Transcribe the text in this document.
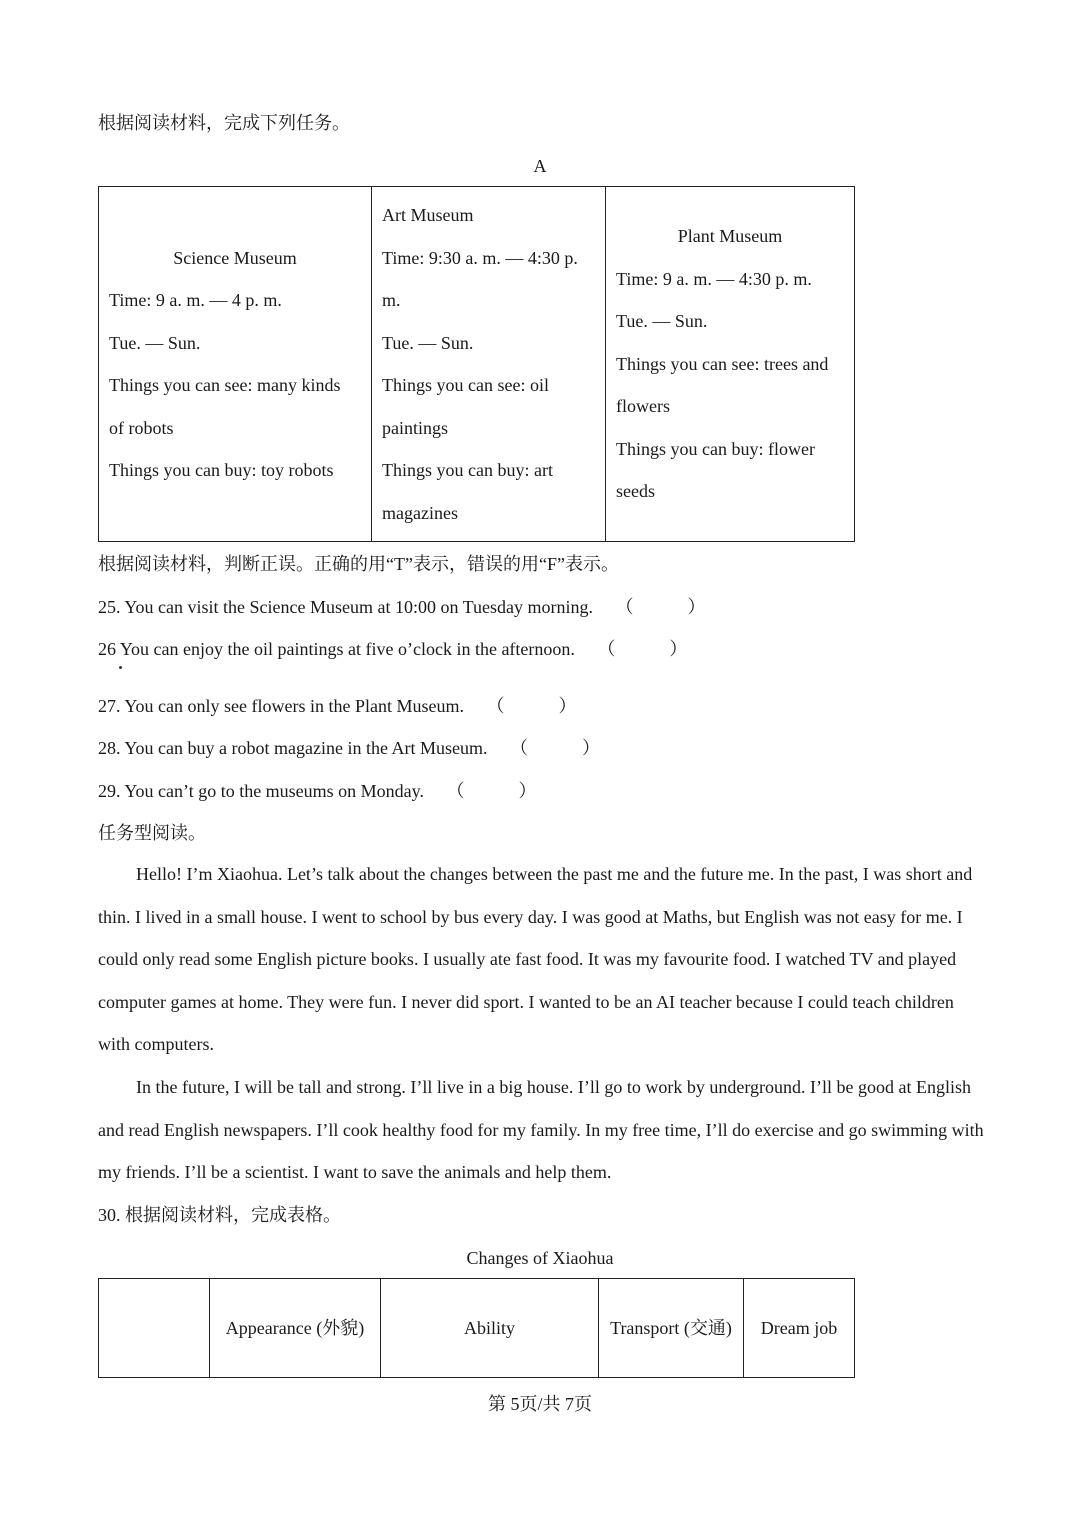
根据阅读材料，完成下列任务。
A
Science Museum
Time: 9 a. m. — 4 p. m.
Tue. — Sun.
Things you can see: many kinds
of robots
Things you can buy: toy robots

Art Museum
Time: 9:30 a. m. — 4:30 p.
m.
Tue. — Sun.
Things you can see: oil
paintings
Things you can buy: art
magazines

Plant Museum
Time: 9 a. m. — 4:30 p. m.
Tue. — Sun.
Things you can see: trees and
flowers
Things you can buy: flower
seeds
根据阅读材料，判断正误。正确的用“T”表示，错误的用“F”表示。
25. You can visit the Science Museum at 10:00 on Tuesday morning. （	）
26 You can enjoy the oil paintings at five o’clock in the afternoon. （	）
27. You can only see flowers in the Plant Museum. （	）
28. You can buy a robot magazine in the Art Museum. （	）
29. You can’t go to the museums on Monday. （	）
任务型阅读。
Hello! I’m Xiaohua. Let’s talk about the changes between the past me and the future me. In the past, I was short and thin. I lived in a small house. I went to school by bus every day. I was good at Maths, but English was not easy for me. I could only read some English picture books. I usually ate fast food. It was my favourite food. I watched TV and played computer games at home. They were fun. I never did sport. I wanted to be an AI teacher because I could teach children with computers.
In the future, I will be tall and strong. I’ll live in a big house. I’ll go to work by underground. I’ll be good at English and read English newspapers. I’ll cook healthy food for my family. In my free time, I’ll do exercise and go swimming with my friends. I’ll be a scientist. I want to save the animals and help them.
30. 根据阅读材料，完成表格。
Changes of Xiaohua
	Appearance (外貌)	Ability	Transport (交通)	Dream job
第 5页/共 7页
